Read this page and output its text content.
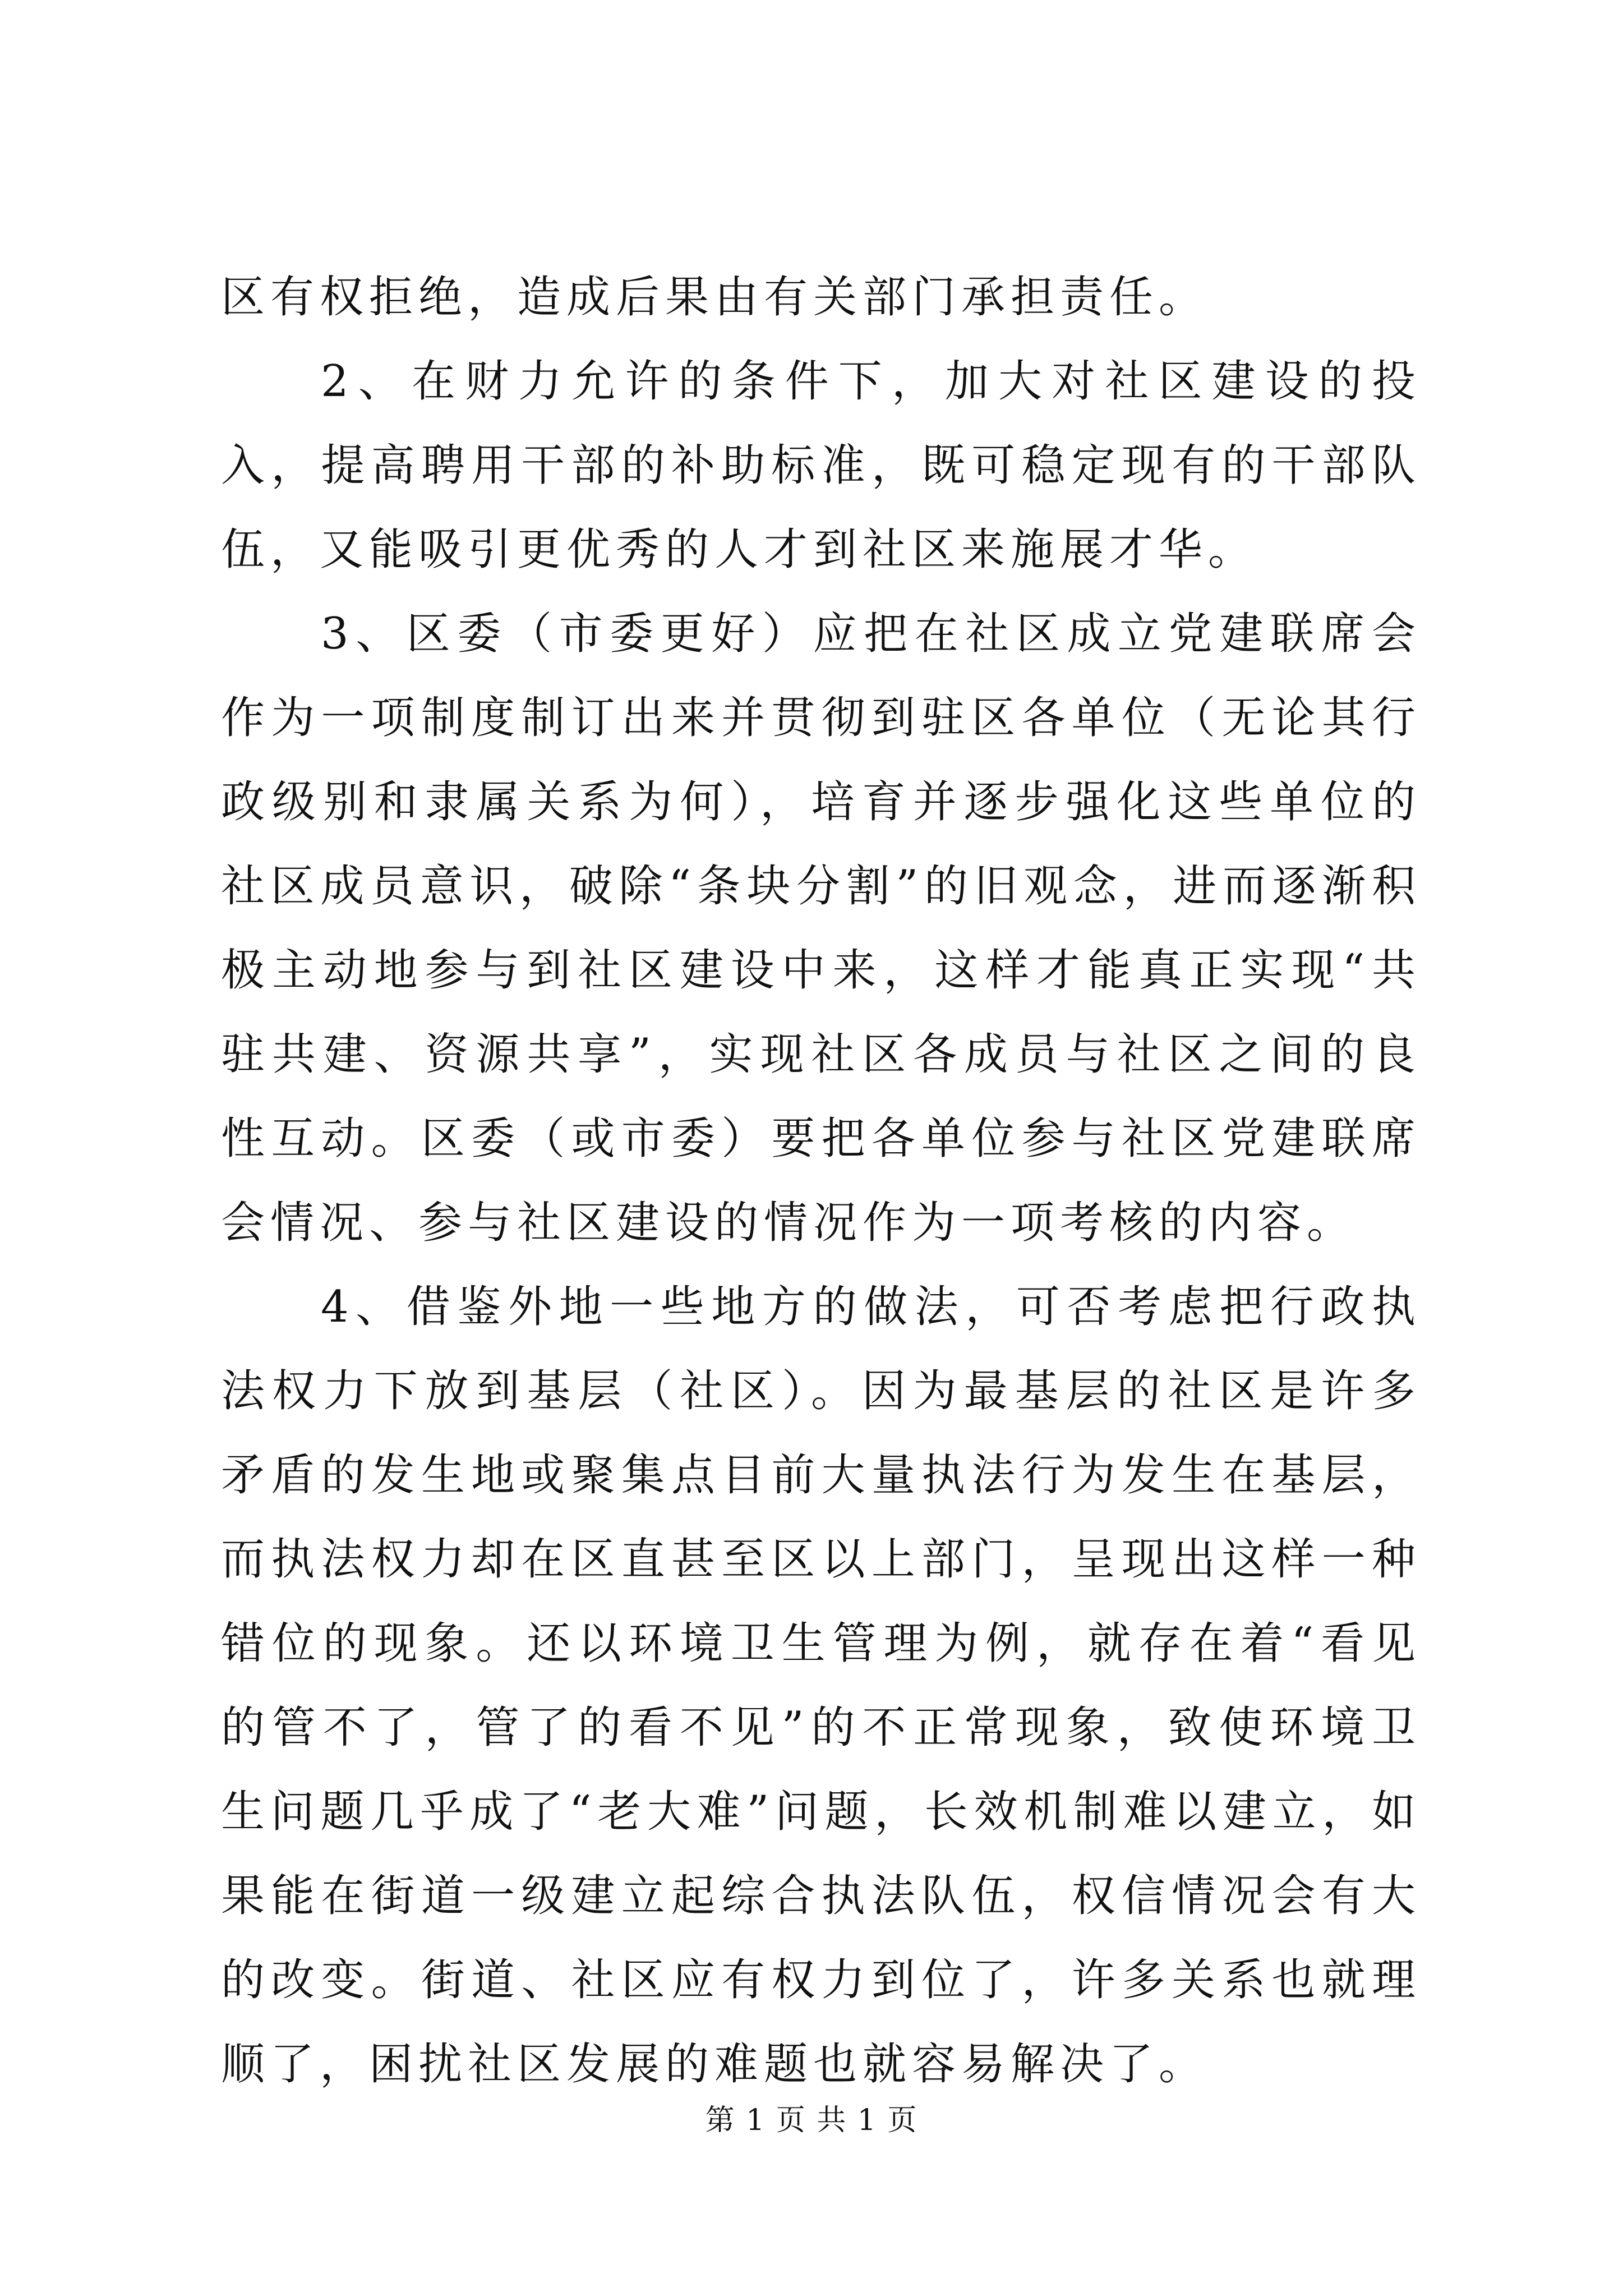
区有权拒绝，造成后果由有关部门承担责任。

2、在财力允许的条件下，加大对社区建设的投入，提高聘用干部的补助标准，既可稳定现有的干部队伍，又能吸引更优秀的人才到社区来施展才华。

3、区委（市委更好）应把在社区成立党建联席会作为一项制度制订出来并贯彻到驻区各单位（无论其行政级别和隶属关系为何），培育并逐步强化这些单位的社区成员意识，破除“条块分割”的旧观念，进而逐渐积极主动地参与到社区建设中来，这样才能真正实现“共驻共建、资源共享”，实现社区各成员与社区之间的良性互动。区委（或市委）要把各单位参与社区党建联席会情况、参与社区建设的情况作为一项考核的内容。

4、借鉴外地一些地方的做法，可否考虑把行政执法权力下放到基层（社区）。因为最基层的社区是许多矛盾的发生地或聚集点目前大量执法行为发生在基层，而执法权力却在区直甚至区以上部门，呈现出这样一种错位的现象。还以环境卫生管理为例，就存在着“看见的管不了，管了的看不见”的不正常现象，致使环境卫生问题几乎成了“老大难”问题，长效机制难以建立，如果能在街道一级建立起综合执法队伍，权信情况会有大的改变。街道、社区应有权力到位了，许多关系也就理顺了，困扰社区发展的难题也就容易解决了。

第 1 页 共 1 页
